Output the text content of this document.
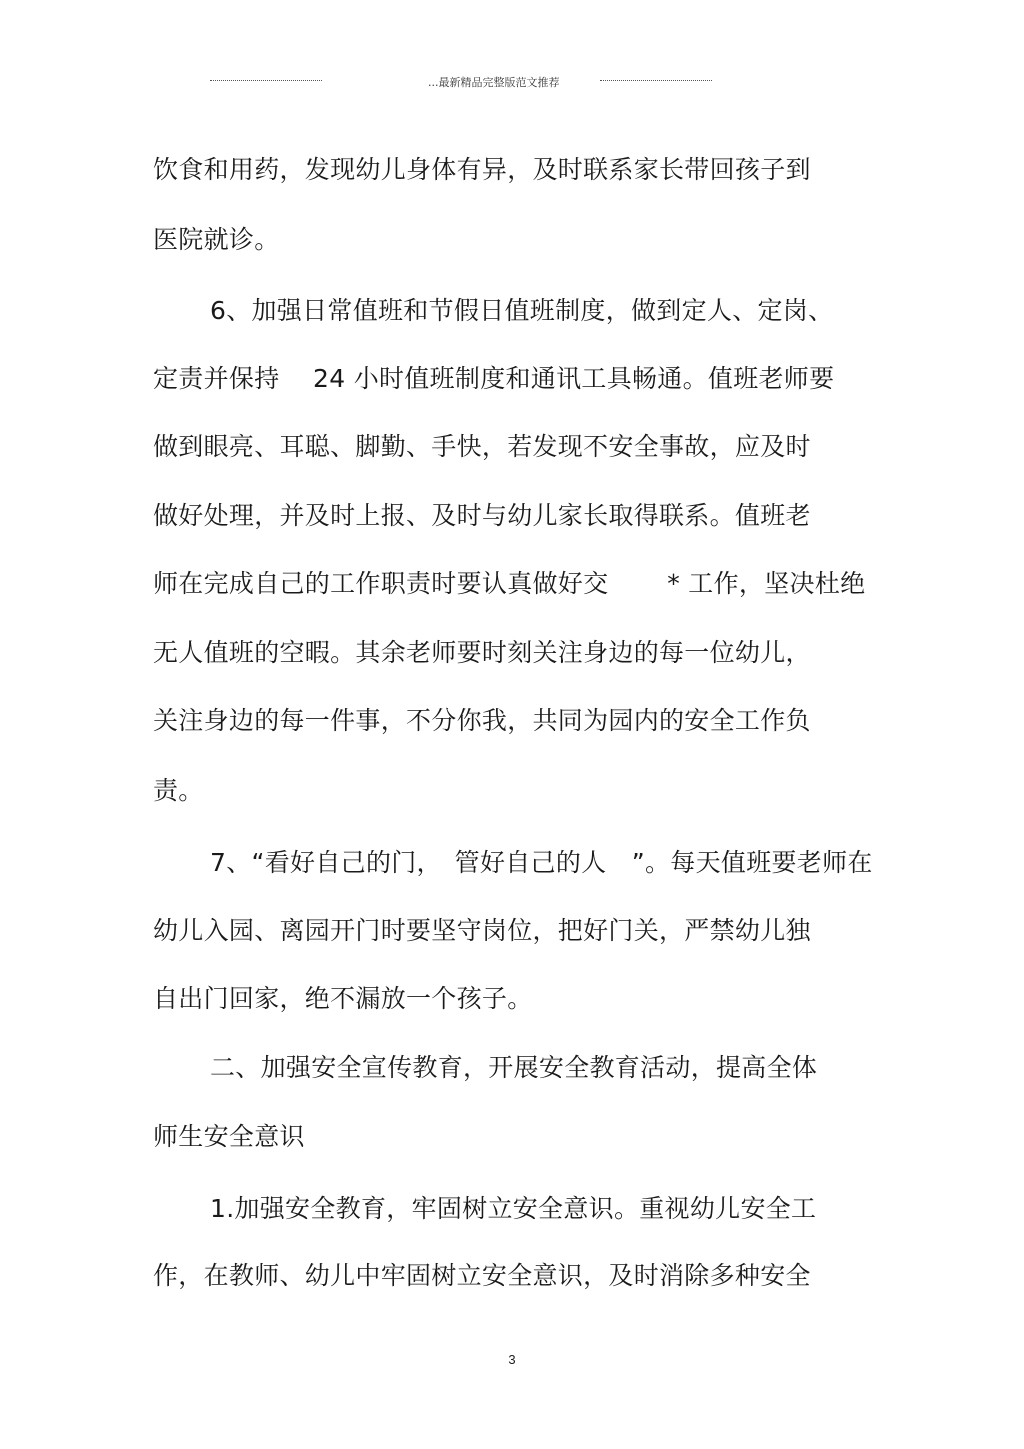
...最新精品完整版范文推荐
饮食和用药，发现幼儿身体有异，及时联系家长带回孩子到
医院就诊。
6、加强日常值班和节假日值班制度，做到定人、定岗、
定责并保持　 24 小时值班制度和通讯工具畅通。值班老师要
做到眼亮、耳聪、脚勤、手快，若发现不安全事故，应及时
做好处理，并及时上报、及时与幼儿家长取得联系。值班老
师在完成自己的工作职责时要认真做好交　　 * 工作，坚决杜绝
无人值班的空暇。其余老师要时刻关注身边的每一位幼儿，
关注身边的每一件事，不分你我，共同为园内的安全工作负
责。
7、“看好自己的门，　管好自己的人　”。每天值班要老师在
幼儿入园、离园开门时要坚守岗位，把好门关，严禁幼儿独
自出门回家，绝不漏放一个孩子。
二、加强安全宣传教育，开展安全教育活动，提高全体
师生安全意识
1.加强安全教育，牢固树立安全意识。重视幼儿安全工
作，在教师、幼儿中牢固树立安全意识，及时消除多种安全
3
